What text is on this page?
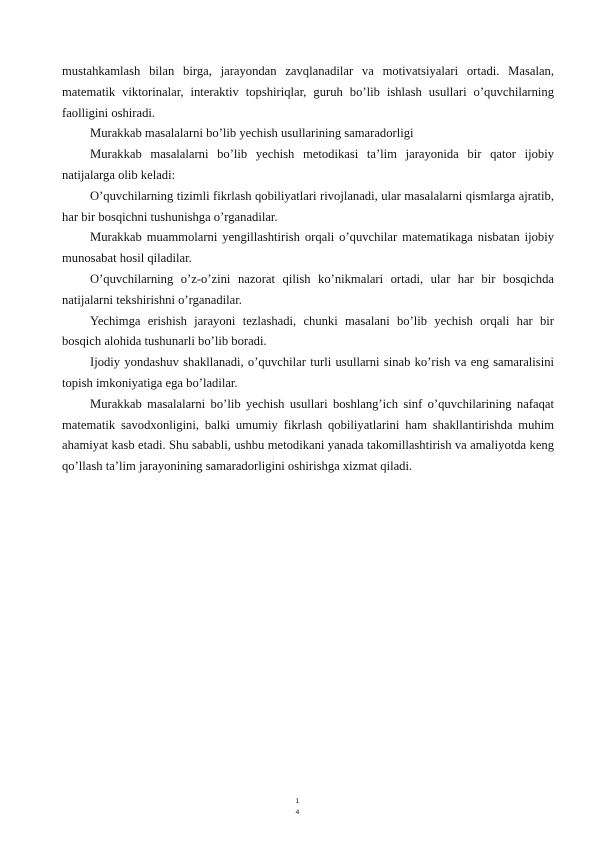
mustahkamlash bilan birga, jarayondan zavqlanadilar va motivatsiyalari ortadi. Masalan, matematik viktorinalar, interaktiv topshiriqlar, guruh bo’lib ishlash usullari o’quvchilarning faolligini oshiradi.

Murakkab masalalarni bo’lib yechish usullarining samaradorligi

Murakkab masalalarni bo’lib yechish metodikasi ta’lim jarayonida bir qator ijobiy natijalarga olib keladi:

O’quvchilarning tizimli fikrlash qobiliyatlari rivojlanadi, ular masalalarni qismlarga ajratib, har bir bosqichni tushunishga o’rganadilar.

Murakkab muammolarni yengillashtirish orqali o’quvchilar matematikaga nisbatan ijobiy munosabat hosil qiladilar.

O’quvchilarning o’z-o’zini nazorat qilish ko’nikmalari ortadi, ular har bir bosqichda natijalarni tekshirishni o’rganadilar.

Yechimga erishish jarayoni tezlashadi, chunki masalani bo’lib yechish orqali har bir bosqich alohida tushunarli bo’lib boradi.

Ijodiy yondashuv shakllanadi, o’quvchilar turli usullarni sinab ko’rish va eng samaralisini topish imkoniyatiga ega bo’ladilar.

Murakkab masalalarni bo’lib yechish usullari boshlang’ich sinf o’quvchilarining nafaqat matematik savodxonligini, balki umumiy fikrlash qobiliyatlarini ham shakllantirishda muhim ahamiyat kasb etadi. Shu sababli, ushbu metodikani yanada takomillashtirish va amaliyotda keng qo’llash ta’lim jarayonining samaradorligini oshirishga xizmat qiladi.

1
4
